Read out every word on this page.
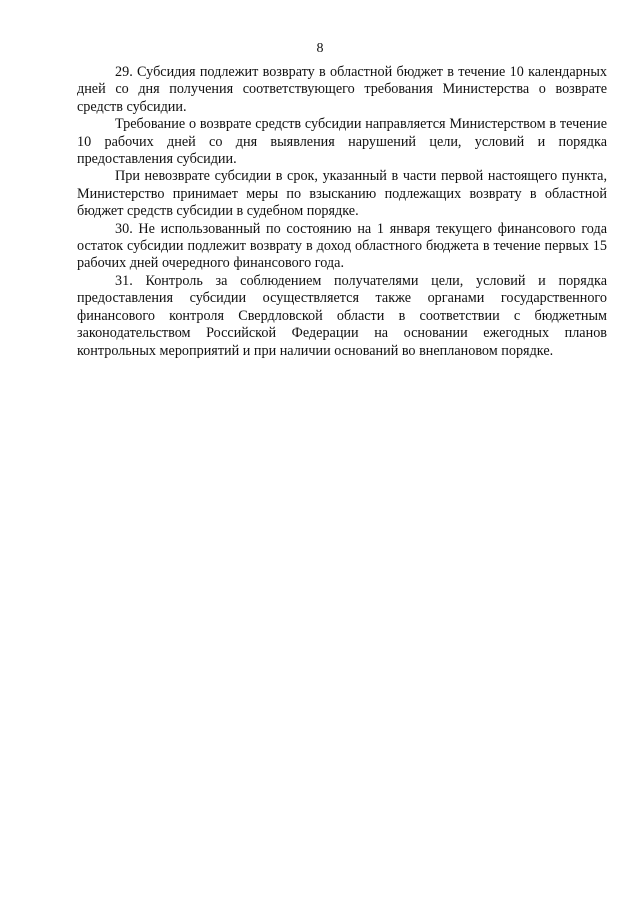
8

29. Субсидия подлежит возврату в областной бюджет в течение 10 календарных дней со дня получения соответствующего требования Министерства о возврате средств субсидии.

Требование о возврате средств субсидии направляется Министерством в течение 10 рабочих дней со дня выявления нарушений цели, условий и порядка предоставления субсидии.

При невозврате субсидии в срок, указанный в части первой настоящего пункта, Министерство принимает меры по взысканию подлежащих возврату в областной бюджет средств субсидии в судебном порядке.

30. Не использованный по состоянию на 1 января текущего финансового года остаток субсидии подлежит возврату в доход областного бюджета в течение первых 15 рабочих дней очередного финансового года.

31. Контроль за соблюдением получателями цели, условий и порядка предоставления субсидии осуществляется также органами государственного финансового контроля Свердловской области в соответствии с бюджетным законодательством Российской Федерации на основании ежегодных планов контрольных мероприятий и при наличии оснований во внеплановом порядке.
